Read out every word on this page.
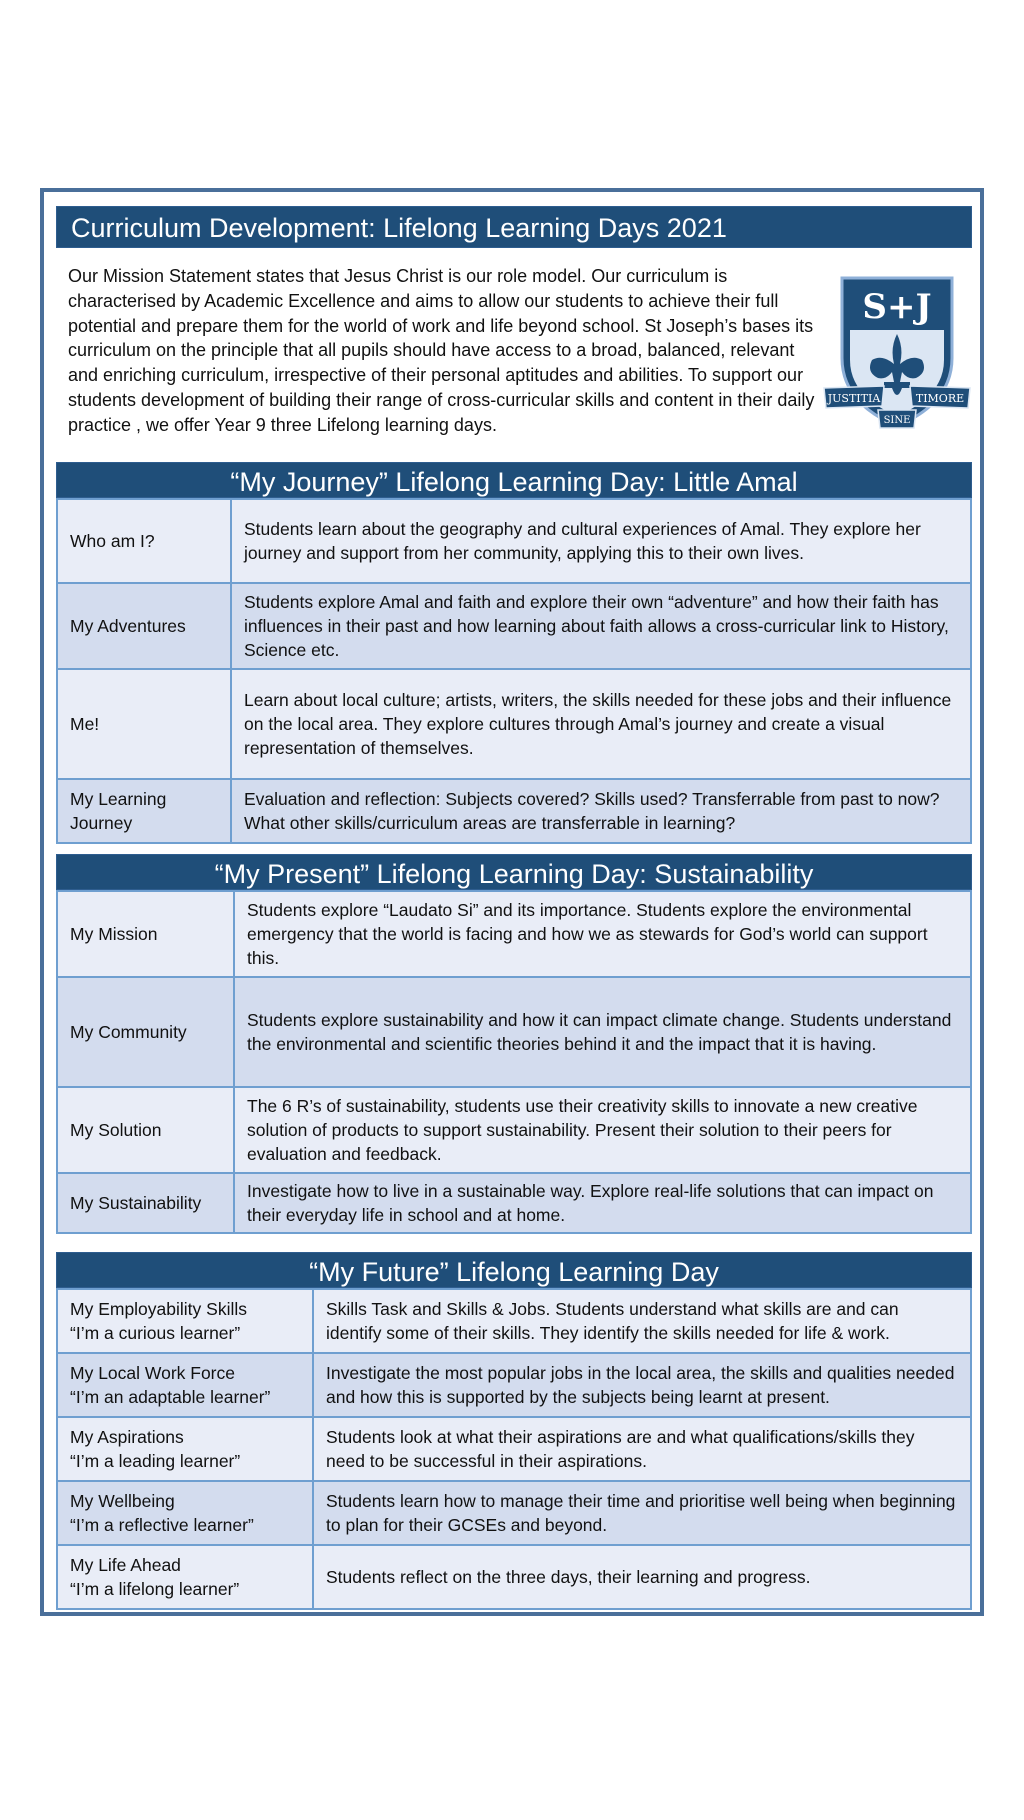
Curriculum Development: Lifelong Learning Days 2021
Our Mission Statement states that Jesus Christ is our role model. Our curriculum is characterised by Academic Excellence and aims to allow our students to achieve their full potential and prepare them for the world of work and life beyond school. St Joseph’s bases its curriculum on the principle that all pupils should have access to a broad, balanced, relevant and enriching curriculum, irrespective of their personal aptitudes and abilities. To support our students development of building their range of cross-curricular skills and content in their daily practice , we offer Year 9 three Lifelong learning days.
S+J
JUSTITIA	TIMORE
SINE
“My Journey” Lifelong Learning Day: Little Amal
Who am I?	Students learn about the geography and cultural experiences of Amal. They explore her journey and support from her community, applying this to their own lives.
My Adventures	Students explore Amal and faith and explore their own “adventure” and how their faith has influences in their past and how learning about faith allows a cross-curricular link to History, Science etc.
Me!	Learn about local culture; artists, writers, the skills needed for these jobs and their influence on the local area. They explore cultures through Amal’s journey and create a visual representation of themselves.
My Learning Journey	Evaluation and reflection: Subjects covered? Skills used? Transferrable from past to now? What other skills/curriculum areas are transferrable in learning?
“My Present” Lifelong Learning Day: Sustainability
My Mission	Students explore “Laudato Si” and its importance. Students explore the environmental emergency that the world is facing and how we as stewards for God’s world can support this.
My Community	Students explore sustainability and how it can impact climate change. Students understand the environmental and scientific theories behind it and the impact that it is having.
My Solution	The 6 R’s of sustainability, students use their creativity skills to innovate a new creative solution of products to support sustainability. Present their solution to their peers for evaluation and feedback.
My Sustainability	Investigate how to live in a sustainable way. Explore real-life solutions that can impact on their everyday life in school and at home.
“My Future” Lifelong Learning Day
My Employability Skills
“I’m a curious learner”	Skills Task and Skills & Jobs. Students understand what skills are and can identify some of their skills. They identify the skills needed for life & work.

My Local Work Force
“I’m an adaptable learner”	Investigate the most popular jobs in the local area, the skills and qualities needed and how this is supported by the subjects being learnt at present.

My Aspirations
“I’m a leading learner”	Students look at what their aspirations are and what qualifications/skills they need to be successful in their aspirations.

My Wellbeing
“I’m a reflective learner”	Students learn how to manage their time and prioritise well being when beginning to plan for their GCSEs and beyond.

My Life Ahead
“I’m a lifelong learner”	Students reflect on the three days, their learning and progress.
